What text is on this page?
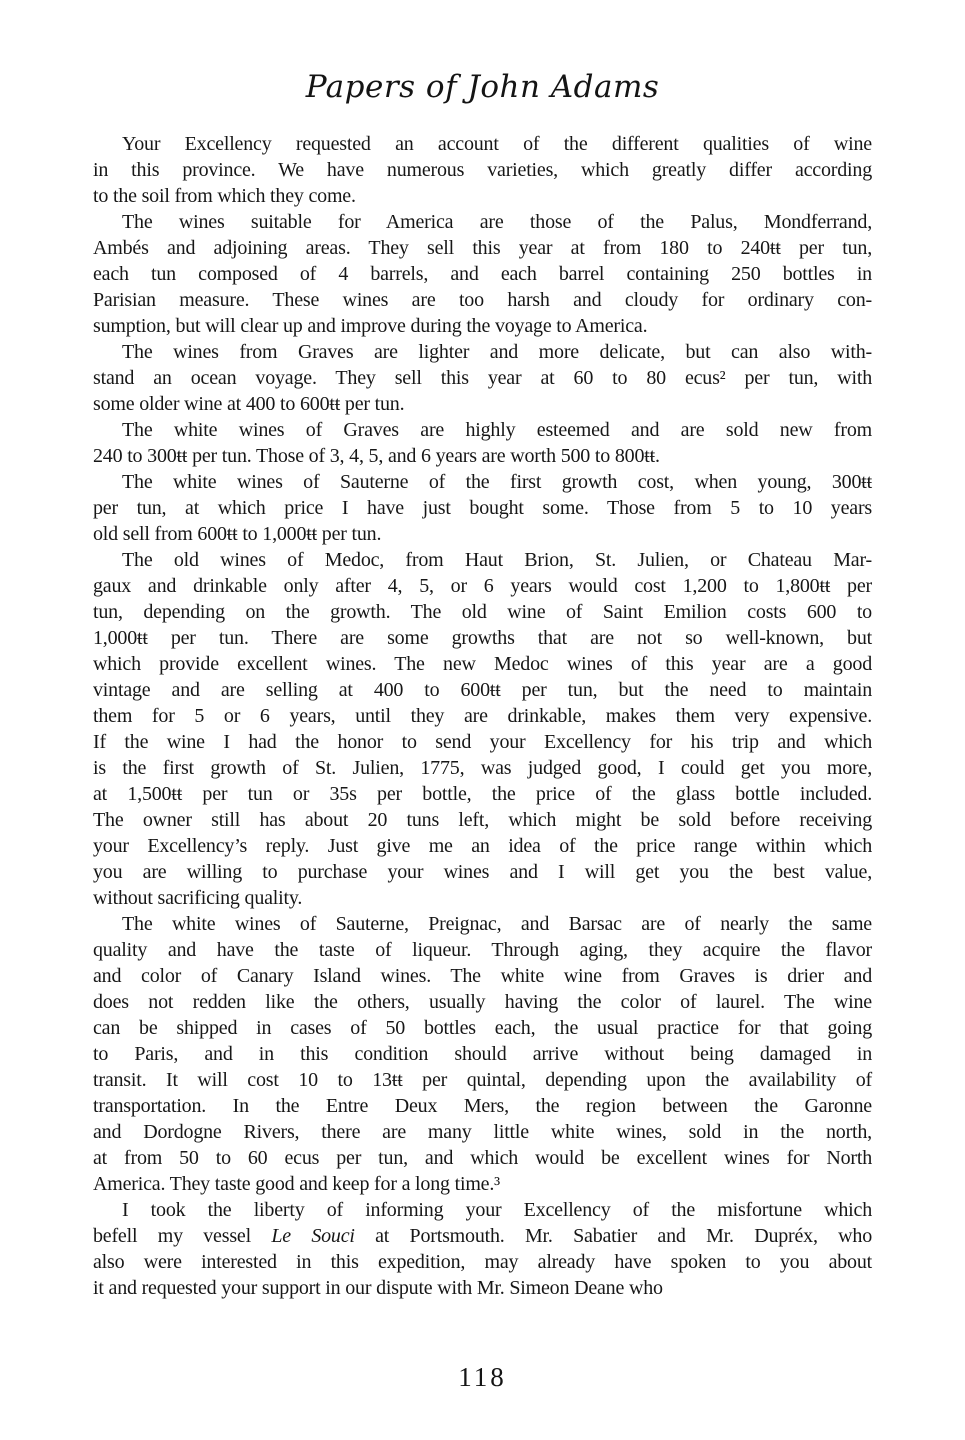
Papers of John Adams
Your Excellency requested an account of the different qualities of wine
in this province. We have numerous varieties, which greatly differ according
to the soil from which they come.
The wines suitable for America are those of the Palus, Mondferrand,
Ambés and adjoining areas. They sell this year at from 180 to 240ŧŧ per tun,
each tun composed of 4 barrels, and each barrel containing 250 bottles in
Parisian measure. These wines are too harsh and cloudy for ordinary con-
sumption, but will clear up and improve during the voyage to America.
The wines from Graves are lighter and more delicate, but can also with-
stand an ocean voyage. They sell this year at 60 to 80 ecus² per tun, with
some older wine at 400 to 600ŧŧ per tun.
The white wines of Graves are highly esteemed and are sold new from
240 to 300ŧŧ per tun. Those of 3, 4, 5, and 6 years are worth 500 to 800ŧŧ.
The white wines of Sauterne of the first growth cost, when young, 300ŧŧ
per tun, at which price I have just bought some. Those from 5 to 10 years
old sell from 600ŧŧ to 1,000ŧŧ per tun.
The old wines of Medoc, from Haut Brion, St. Julien, or Chateau Mar-
gaux and drinkable only after 4, 5, or 6 years would cost 1,200 to 1,800ŧŧ per
tun, depending on the growth. The old wine of Saint Emilion costs 600 to
1,000ŧŧ per tun. There are some growths that are not so well-known, but
which provide excellent wines. The new Medoc wines of this year are a good
vintage and are selling at 400 to 600ŧŧ per tun, but the need to maintain
them for 5 or 6 years, until they are drinkable, makes them very expensive.
If the wine I had the honor to send your Excellency for his trip and which
is the first growth of St. Julien, 1775, was judged good, I could get you more,
at 1,500ŧŧ per tun or 35s per bottle, the price of the glass bottle included.
The owner still has about 20 tuns left, which might be sold before receiving
your Excellency’s reply. Just give me an idea of the price range within which
you are willing to purchase your wines and I will get you the best value,
without sacrificing quality.
The white wines of Sauterne, Preignac, and Barsac are of nearly the same
quality and have the taste of liqueur. Through aging, they acquire the flavor
and color of Canary Island wines. The white wine from Graves is drier and
does not redden like the others, usually having the color of laurel. The wine
can be shipped in cases of 50 bottles each, the usual practice for that going
to Paris, and in this condition should arrive without being damaged in
transit. It will cost 10 to 13ŧŧ per quintal, depending upon the availability of
transportation. In the Entre Deux Mers, the region between the Garonne
and Dordogne Rivers, there are many little white wines, sold in the north,
at from 50 to 60 ecus per tun, and which would be excellent wines for North
America. They taste good and keep for a long time.³
I took the liberty of informing your Excellency of the misfortune which
befell my vessel Le Souci at Portsmouth. Mr. Sabatier and Mr. Dupréx, who
also were interested in this expedition, may already have spoken to you about
it and requested your support in our dispute with Mr. Simeon Deane who
118
